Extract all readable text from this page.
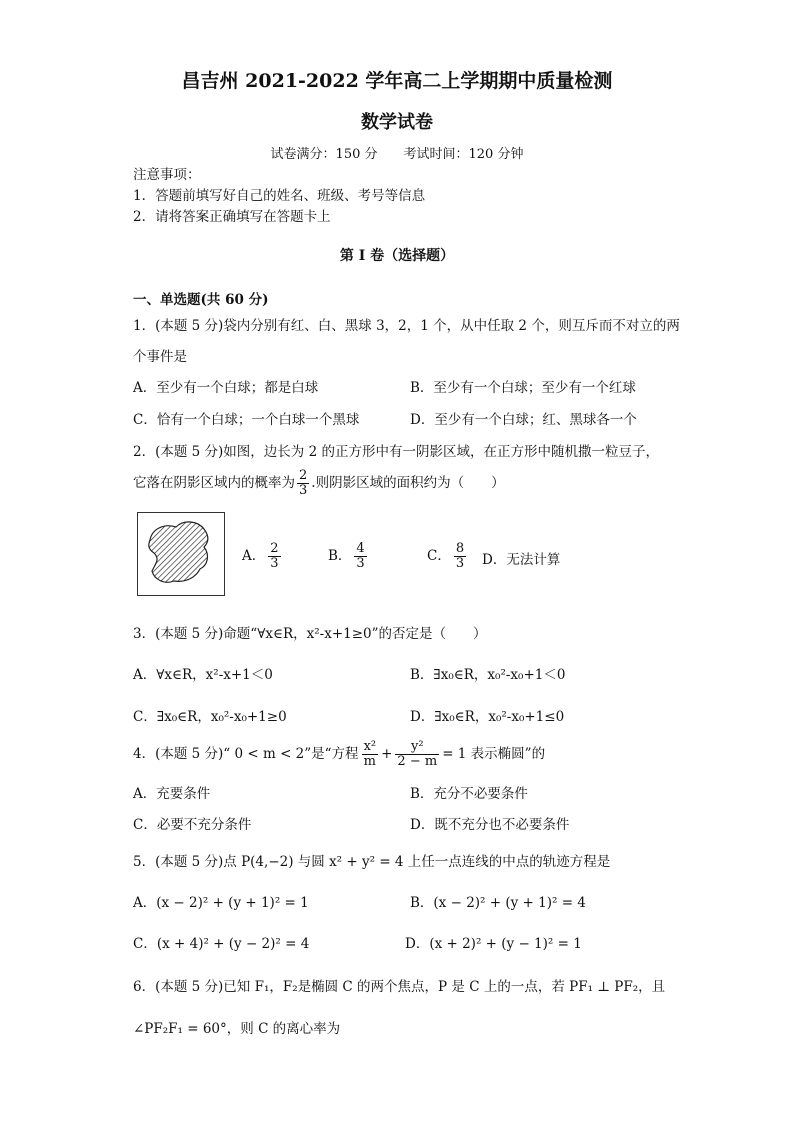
昌吉州 2021-2022 学年高二上学期期中质量检测
数学试卷
试卷满分：150 分　　考试时间：120 分钟
注意事项：
1．答题前填写好自己的姓名、班级、考号等信息
2．请将答案正确填写在答题卡上
第 I 卷（选择题）
一、单选题(共 60 分)
1．(本题 5 分)袋内分别有红、白、黑球 3，2，1 个，从中任取 2 个，则互斥而不对立的两
个事件是
A．至少有一个白球；都是白球	B．至少有一个白球；至少有一个红球
C．恰有一个白球；一个白球一个黑球	D．至少有一个白球；红、黑球各一个
2．(本题 5 分)如图，边长为 2 的正方形中有一阴影区域，在正方形中随机撒一粒豆子，
它落在阴影区域内的概率为 $\frac{2}{3}$ .则阴影区域的面积约为（　　）
A． $\frac{2}{3}$	B． $\frac{4}{3}$	C． $\frac{8}{3}$ D．无法计算
3．(本题 5 分)命题“∀x∈R，x²-x+1≥0”的否定是（　　）
A．∀x∈R，x²-x+1＜0	B．∃x₀∈R，x₀²-x₀+1＜0
C．∃x₀∈R，x₀²-x₀+1≥0	D．∃x₀∈R，x₀²-x₀+1≤0
4．(本题 5 分)“ 0 < m < 2”是“方程 $\frac{\text{x²}}{m} + \frac{\text{y²}}{2 - m} = 1$ 表示椭圆”的
A．充要条件	B．充分不必要条件
C．必要不充分条件	D．既不充分也不必要条件
5．(本题 5 分)点 P(4,−2) 与圆 x² + y² = 4 上任一点连线的中点的轨迹方程是
A．(x − 2)² + (y + 1)² = 1	B．(x − 2)² + (y + 1)² = 4
C．(x + 4)² + (y − 2)² = 4	D．(x + 2)² + (y − 1)² = 1
6．(本题 5 分)已知 F₁，F₂是椭圆 C 的两个焦点，P 是 C 上的一点，若 PF₁ ⊥ PF₂，且
∠PF₂F₁ = 60°，则 C 的离心率为
